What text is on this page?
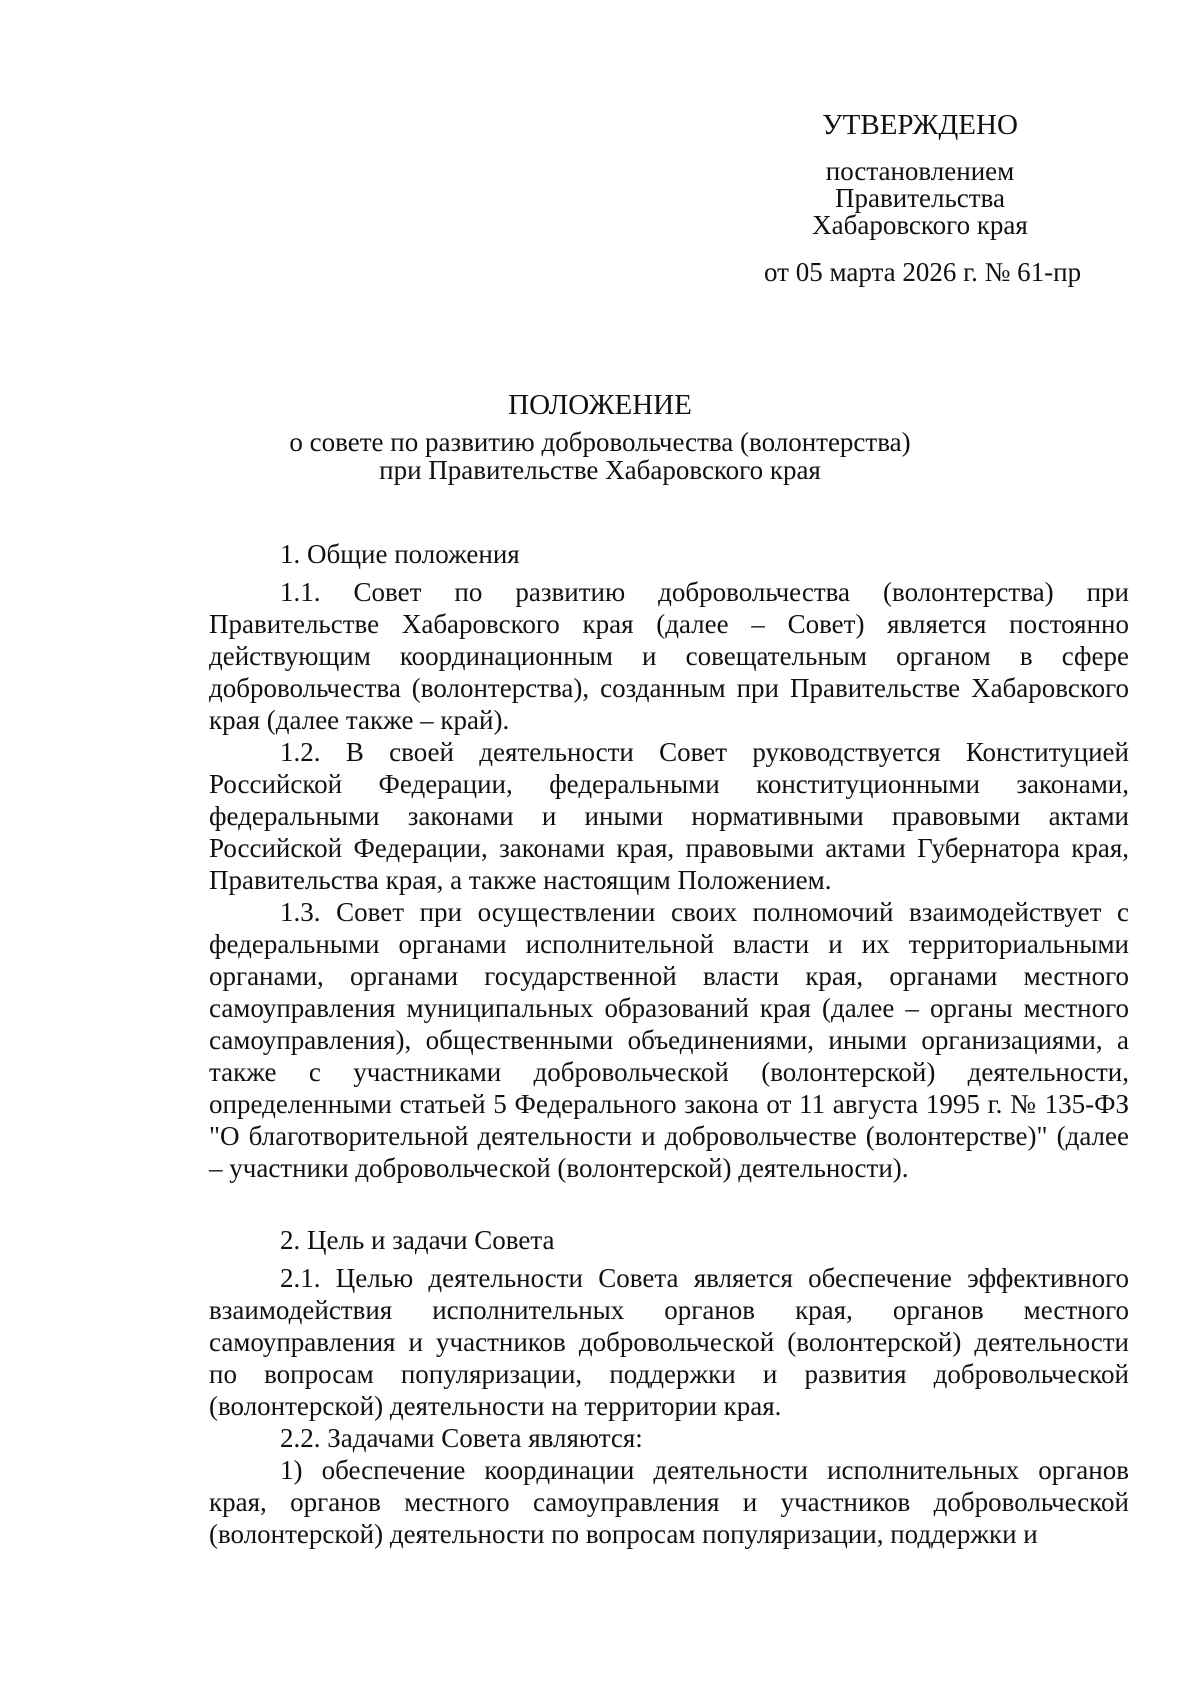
УТВЕРЖДЕНО
постановлением
Правительства
Хабаровского края
от 05 марта 2026 г. № 61-пр
ПОЛОЖЕНИЕ
о совете по развитию добровольчества (волонтерства)
при Правительстве Хабаровского края
1. Общие положения

1.1. Совет по развитию добровольчества (волонтерства) при Правительстве Хабаровского края (далее – Совет) является постоянно действующим координационным и совещательным органом в сфере добровольчества (волонтерства), созданным при Правительстве Хабаровского края (далее также – край).

1.2. В своей деятельности Совет руководствуется Конституцией Российской Федерации, федеральными конституционными законами, федеральными законами и иными нормативными правовыми актами Российской Федерации, законами края, правовыми актами Губернатора края, Правительства края, а также настоящим Положением.

1.3. Совет при осуществлении своих полномочий взаимодействует с федеральными органами исполнительной власти и их территориальными органами, органами государственной власти края, органами местного самоуправления муниципальных образований края (далее – органы местного самоуправления), общественными объединениями, иными организациями, а также с участниками добровольческой (волонтерской) деятельности, определенными статьей 5 Федерального закона от 11 августа 1995 г. № 135-ФЗ "О благотворительной деятельности и добровольчестве (волонтерстве)" (далее – участники добровольческой (волонтерской) деятельности).

2. Цель и задачи Совета

2.1. Целью деятельности Совета является обеспечение эффективного взаимодействия исполнительных органов края, органов местного самоуправления и участников добровольческой (волонтерской) деятельности по вопросам популяризации, поддержки и развития добровольческой (волонтерской) деятельности на территории края.

2.2. Задачами Совета являются:

1) обеспечение координации деятельности исполнительных органов края, органов местного самоуправления и участников добровольческой (волонтерской) деятельности по вопросам популяризации, поддержки и
